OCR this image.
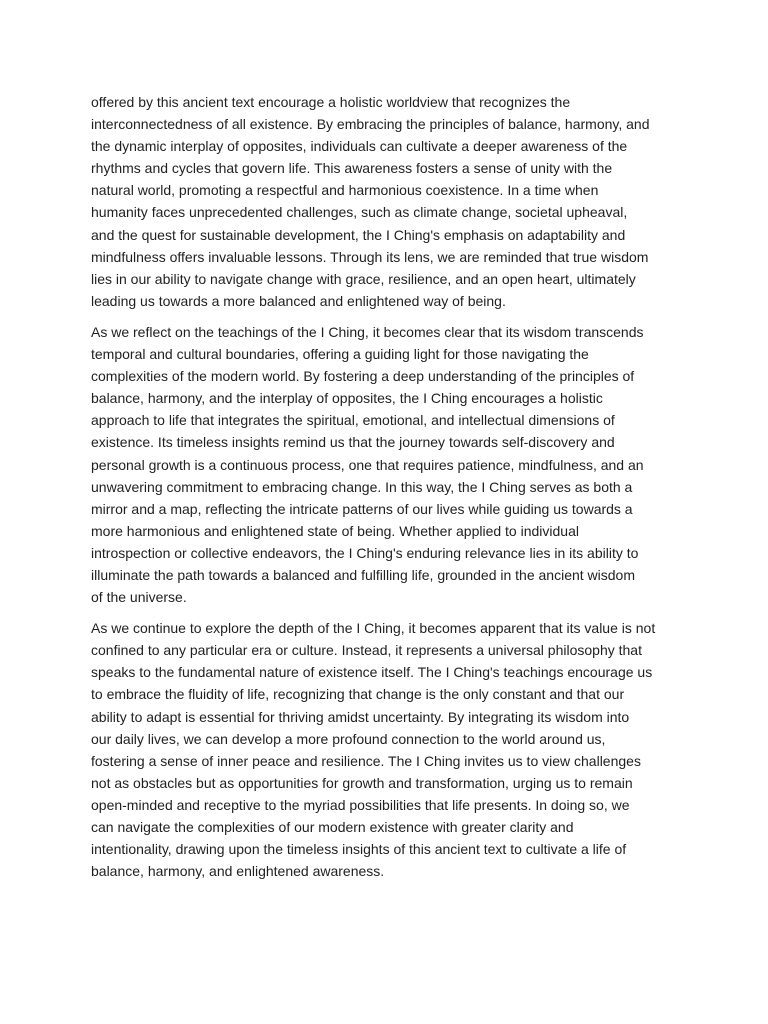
offered by this ancient text encourage a holistic worldview that recognizes the
interconnectedness of all existence. By embracing the principles of balance, harmony, and
the dynamic interplay of opposites, individuals can cultivate a deeper awareness of the
rhythms and cycles that govern life. This awareness fosters a sense of unity with the
natural world, promoting a respectful and harmonious coexistence. In a time when
humanity faces unprecedented challenges, such as climate change, societal upheaval,
and the quest for sustainable development, the I Ching's emphasis on adaptability and
mindfulness offers invaluable lessons. Through its lens, we are reminded that true wisdom
lies in our ability to navigate change with grace, resilience, and an open heart, ultimately
leading us towards a more balanced and enlightened way of being.

As we reflect on the teachings of the I Ching, it becomes clear that its wisdom transcends
temporal and cultural boundaries, offering a guiding light for those navigating the
complexities of the modern world. By fostering a deep understanding of the principles of
balance, harmony, and the interplay of opposites, the I Ching encourages a holistic
approach to life that integrates the spiritual, emotional, and intellectual dimensions of
existence. Its timeless insights remind us that the journey towards self-discovery and
personal growth is a continuous process, one that requires patience, mindfulness, and an
unwavering commitment to embracing change. In this way, the I Ching serves as both a
mirror and a map, reflecting the intricate patterns of our lives while guiding us towards a
more harmonious and enlightened state of being. Whether applied to individual
introspection or collective endeavors, the I Ching's enduring relevance lies in its ability to
illuminate the path towards a balanced and fulfilling life, grounded in the ancient wisdom
of the universe.

As we continue to explore the depth of the I Ching, it becomes apparent that its value is not
confined to any particular era or culture. Instead, it represents a universal philosophy that
speaks to the fundamental nature of existence itself. The I Ching's teachings encourage us
to embrace the fluidity of life, recognizing that change is the only constant and that our
ability to adapt is essential for thriving amidst uncertainty. By integrating its wisdom into
our daily lives, we can develop a more profound connection to the world around us,
fostering a sense of inner peace and resilience. The I Ching invites us to view challenges
not as obstacles but as opportunities for growth and transformation, urging us to remain
open-minded and receptive to the myriad possibilities that life presents. In doing so, we
can navigate the complexities of our modern existence with greater clarity and
intentionality, drawing upon the timeless insights of this ancient text to cultivate a life of
balance, harmony, and enlightened awareness.
